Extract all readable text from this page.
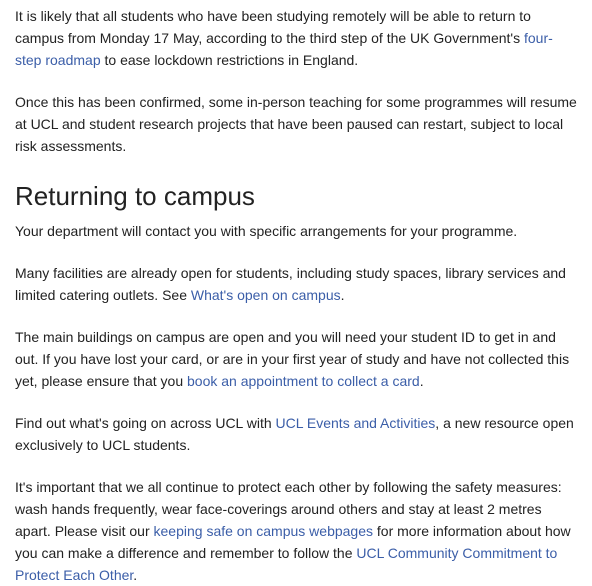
It is likely that all students who have been studying remotely will be able to return to campus from Monday 17 May, according to the third step of the UK Government's four-step roadmap to ease lockdown restrictions in England.

Once this has been confirmed, some in-person teaching for some programmes will resume at UCL and student research projects that have been paused can restart, subject to local risk assessments.

Returning to campus

Your department will contact you with specific arrangements for your programme.

Many facilities are already open for students, including study spaces, library services and limited catering outlets. See What's open on campus.

The main buildings on campus are open and you will need your student ID to get in and out. If you have lost your card, or are in your first year of study and have not collected this yet, please ensure that you book an appointment to collect a card.

Find out what's going on across UCL with UCL Events and Activities, a new resource open exclusively to UCL students.

It's important that we all continue to protect each other by following the safety measures: wash hands frequently, wear face-coverings around others and stay at least 2 metres apart. Please visit our keeping safe on campus webpages for more information about how you can make a difference and remember to follow the UCL Community Commitment to Protect Each Other.
